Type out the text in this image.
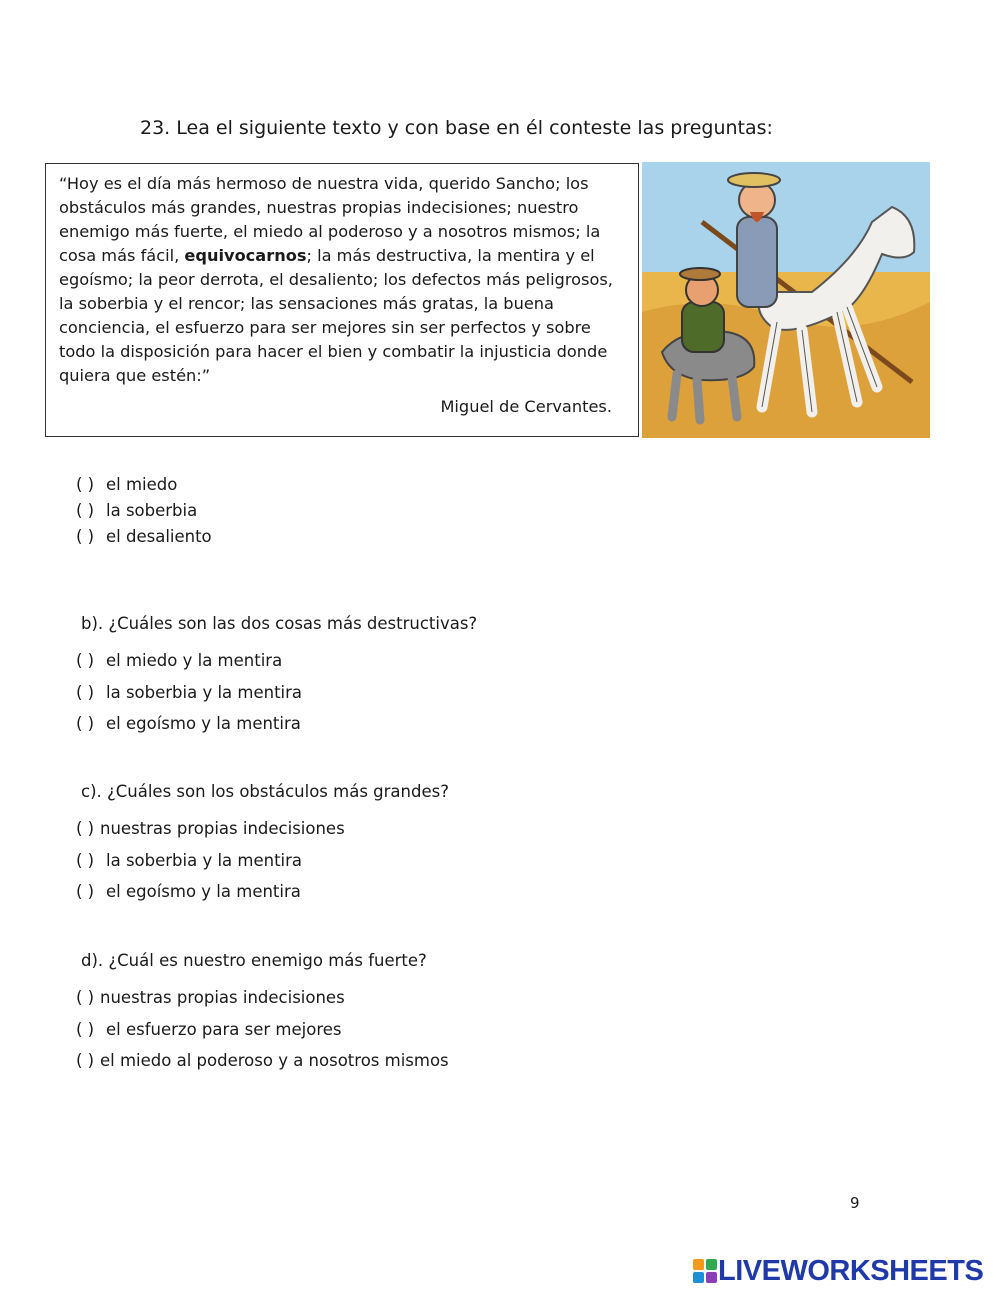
23. Lea el siguiente texto y con base en él conteste las preguntas:
“Hoy es el día más hermoso de nuestra vida, querido Sancho; los obstáculos más grandes, nuestras propias indecisiones; nuestro enemigo más fuerte, el miedo al poderoso y a nosotros mismos; la cosa más fácil, equivocarnos; la más destructiva, la mentira y el egoísmo; la peor derrota, el desaliento; los defectos más peligrosos, la soberbia y el rencor; las sensaciones más gratas, la buena conciencia, el esfuerzo para ser mejores sin ser perfectos y sobre todo la disposición para hacer el bien y combatir la injusticia donde quiera que estén:”
Miguel de Cervantes.
( ) el miedo
( ) la soberbia
( ) el desaliento
b). ¿Cuáles son las dos cosas más destructivas?
( ) el miedo y la mentira
( ) la soberbia y la mentira
( ) el egoísmo y la mentira
c). ¿Cuáles son los obstáculos más grandes?
( ) nuestras propias indecisiones
( ) la soberbia y la mentira
( ) el egoísmo y la mentira
d). ¿Cuál es nuestro enemigo más fuerte?
( ) nuestras propias indecisiones
( ) el esfuerzo para ser mejores
( ) el miedo al poderoso y a nosotros mismos
9
LIVEWORKSHEETS
